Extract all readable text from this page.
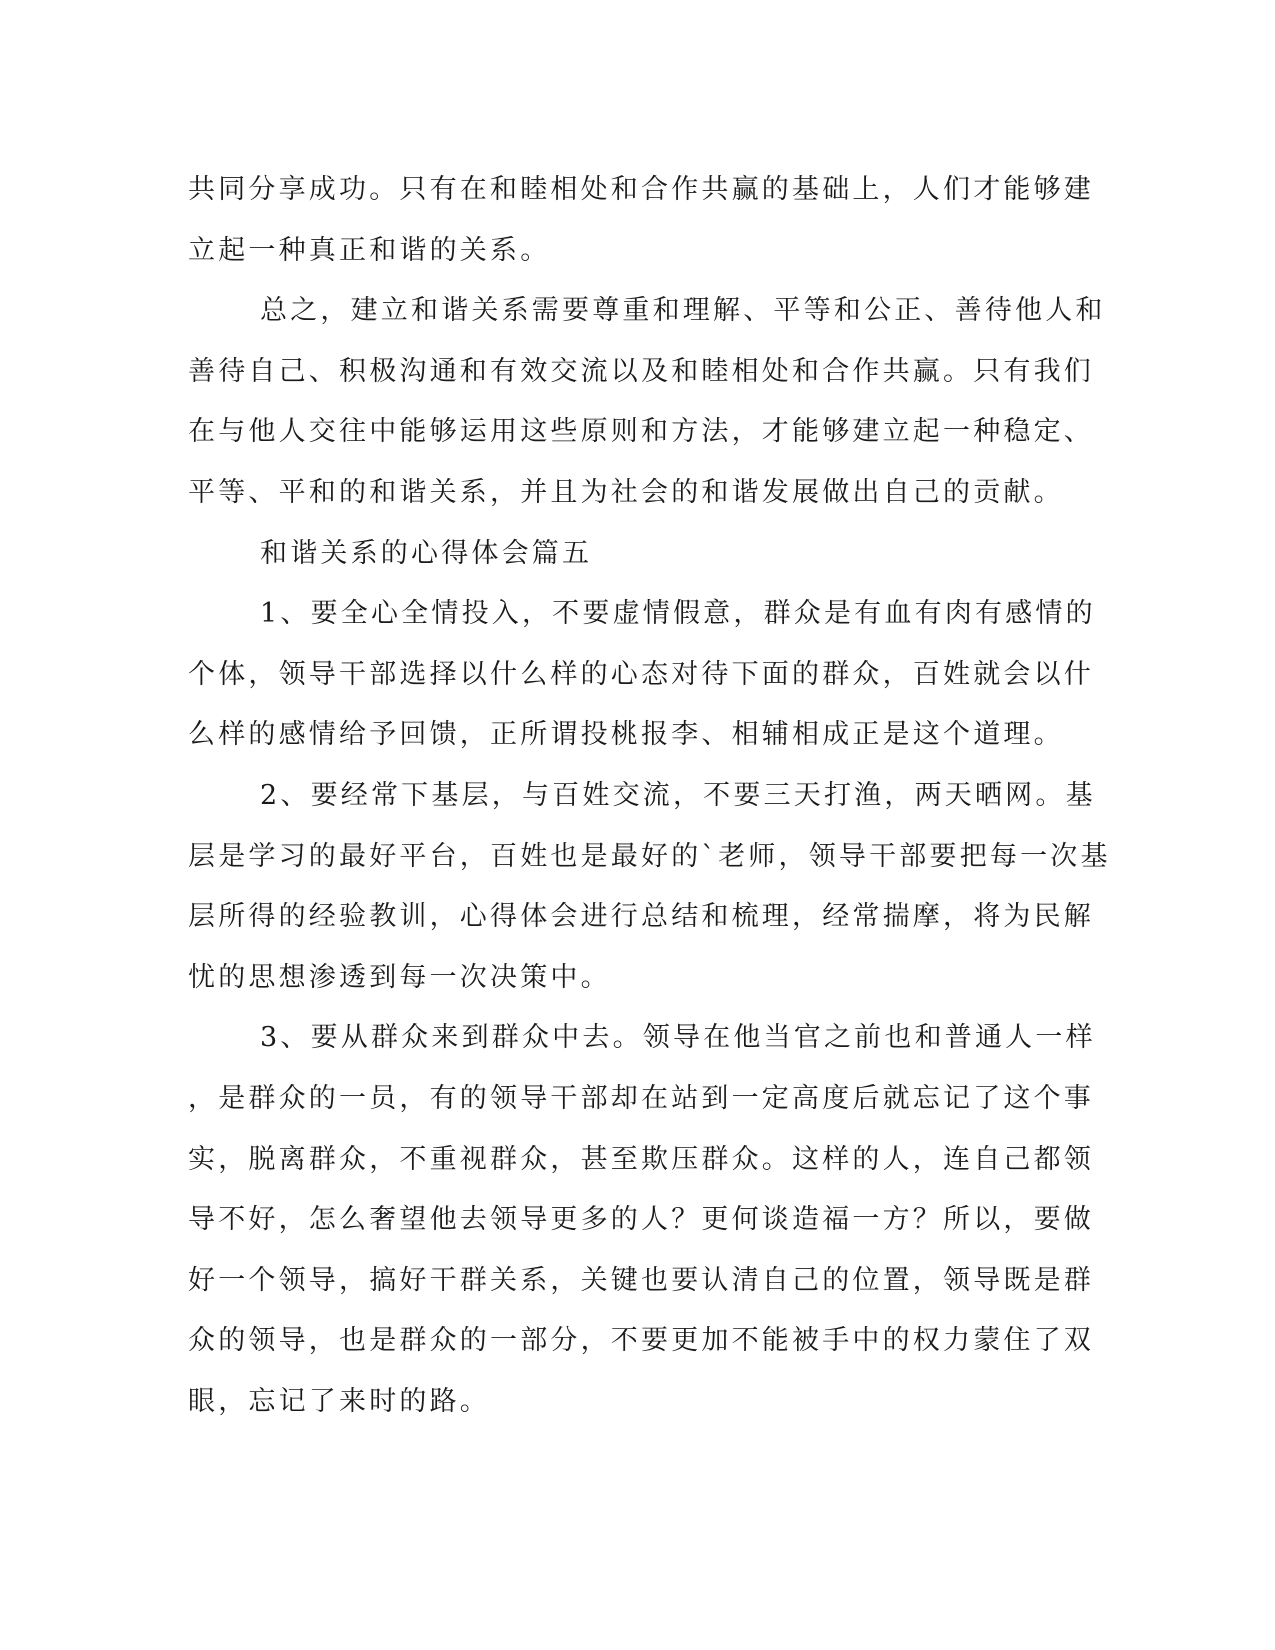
共同分享成功。只有在和睦相处和合作共赢的基础上，人们才能够建
立起一种真正和谐的关系。
总之，建立和谐关系需要尊重和理解、平等和公正、善待他人和
善待自己、积极沟通和有效交流以及和睦相处和合作共赢。只有我们
在与他人交往中能够运用这些原则和方法，才能够建立起一种稳定、
平等、平和的和谐关系，并且为社会的和谐发展做出自己的贡献。
和谐关系的心得体会篇五
1、要全心全情投入，不要虚情假意，群众是有血有肉有感情的
个体，领导干部选择以什么样的心态对待下面的群众，百姓就会以什
么样的感情给予回馈，正所谓投桃报李、相辅相成正是这个道理。
2、要经常下基层，与百姓交流，不要三天打渔，两天晒网。基
层是学习的最好平台，百姓也是最好的`老师，领导干部要把每一次基
层所得的经验教训，心得体会进行总结和梳理，经常揣摩，将为民解
忧的思想渗透到每一次决策中。
3、要从群众来到群众中去。领导在他当官之前也和普通人一样
，是群众的一员，有的领导干部却在站到一定高度后就忘记了这个事
实，脱离群众，不重视群众，甚至欺压群众。这样的人，连自己都领
导不好，怎么奢望他去领导更多的人？更何谈造福一方？所以，要做
好一个领导，搞好干群关系，关键也要认清自己的位置，领导既是群
众的领导，也是群众的一部分，不要更加不能被手中的权力蒙住了双
眼，忘记了来时的路。
